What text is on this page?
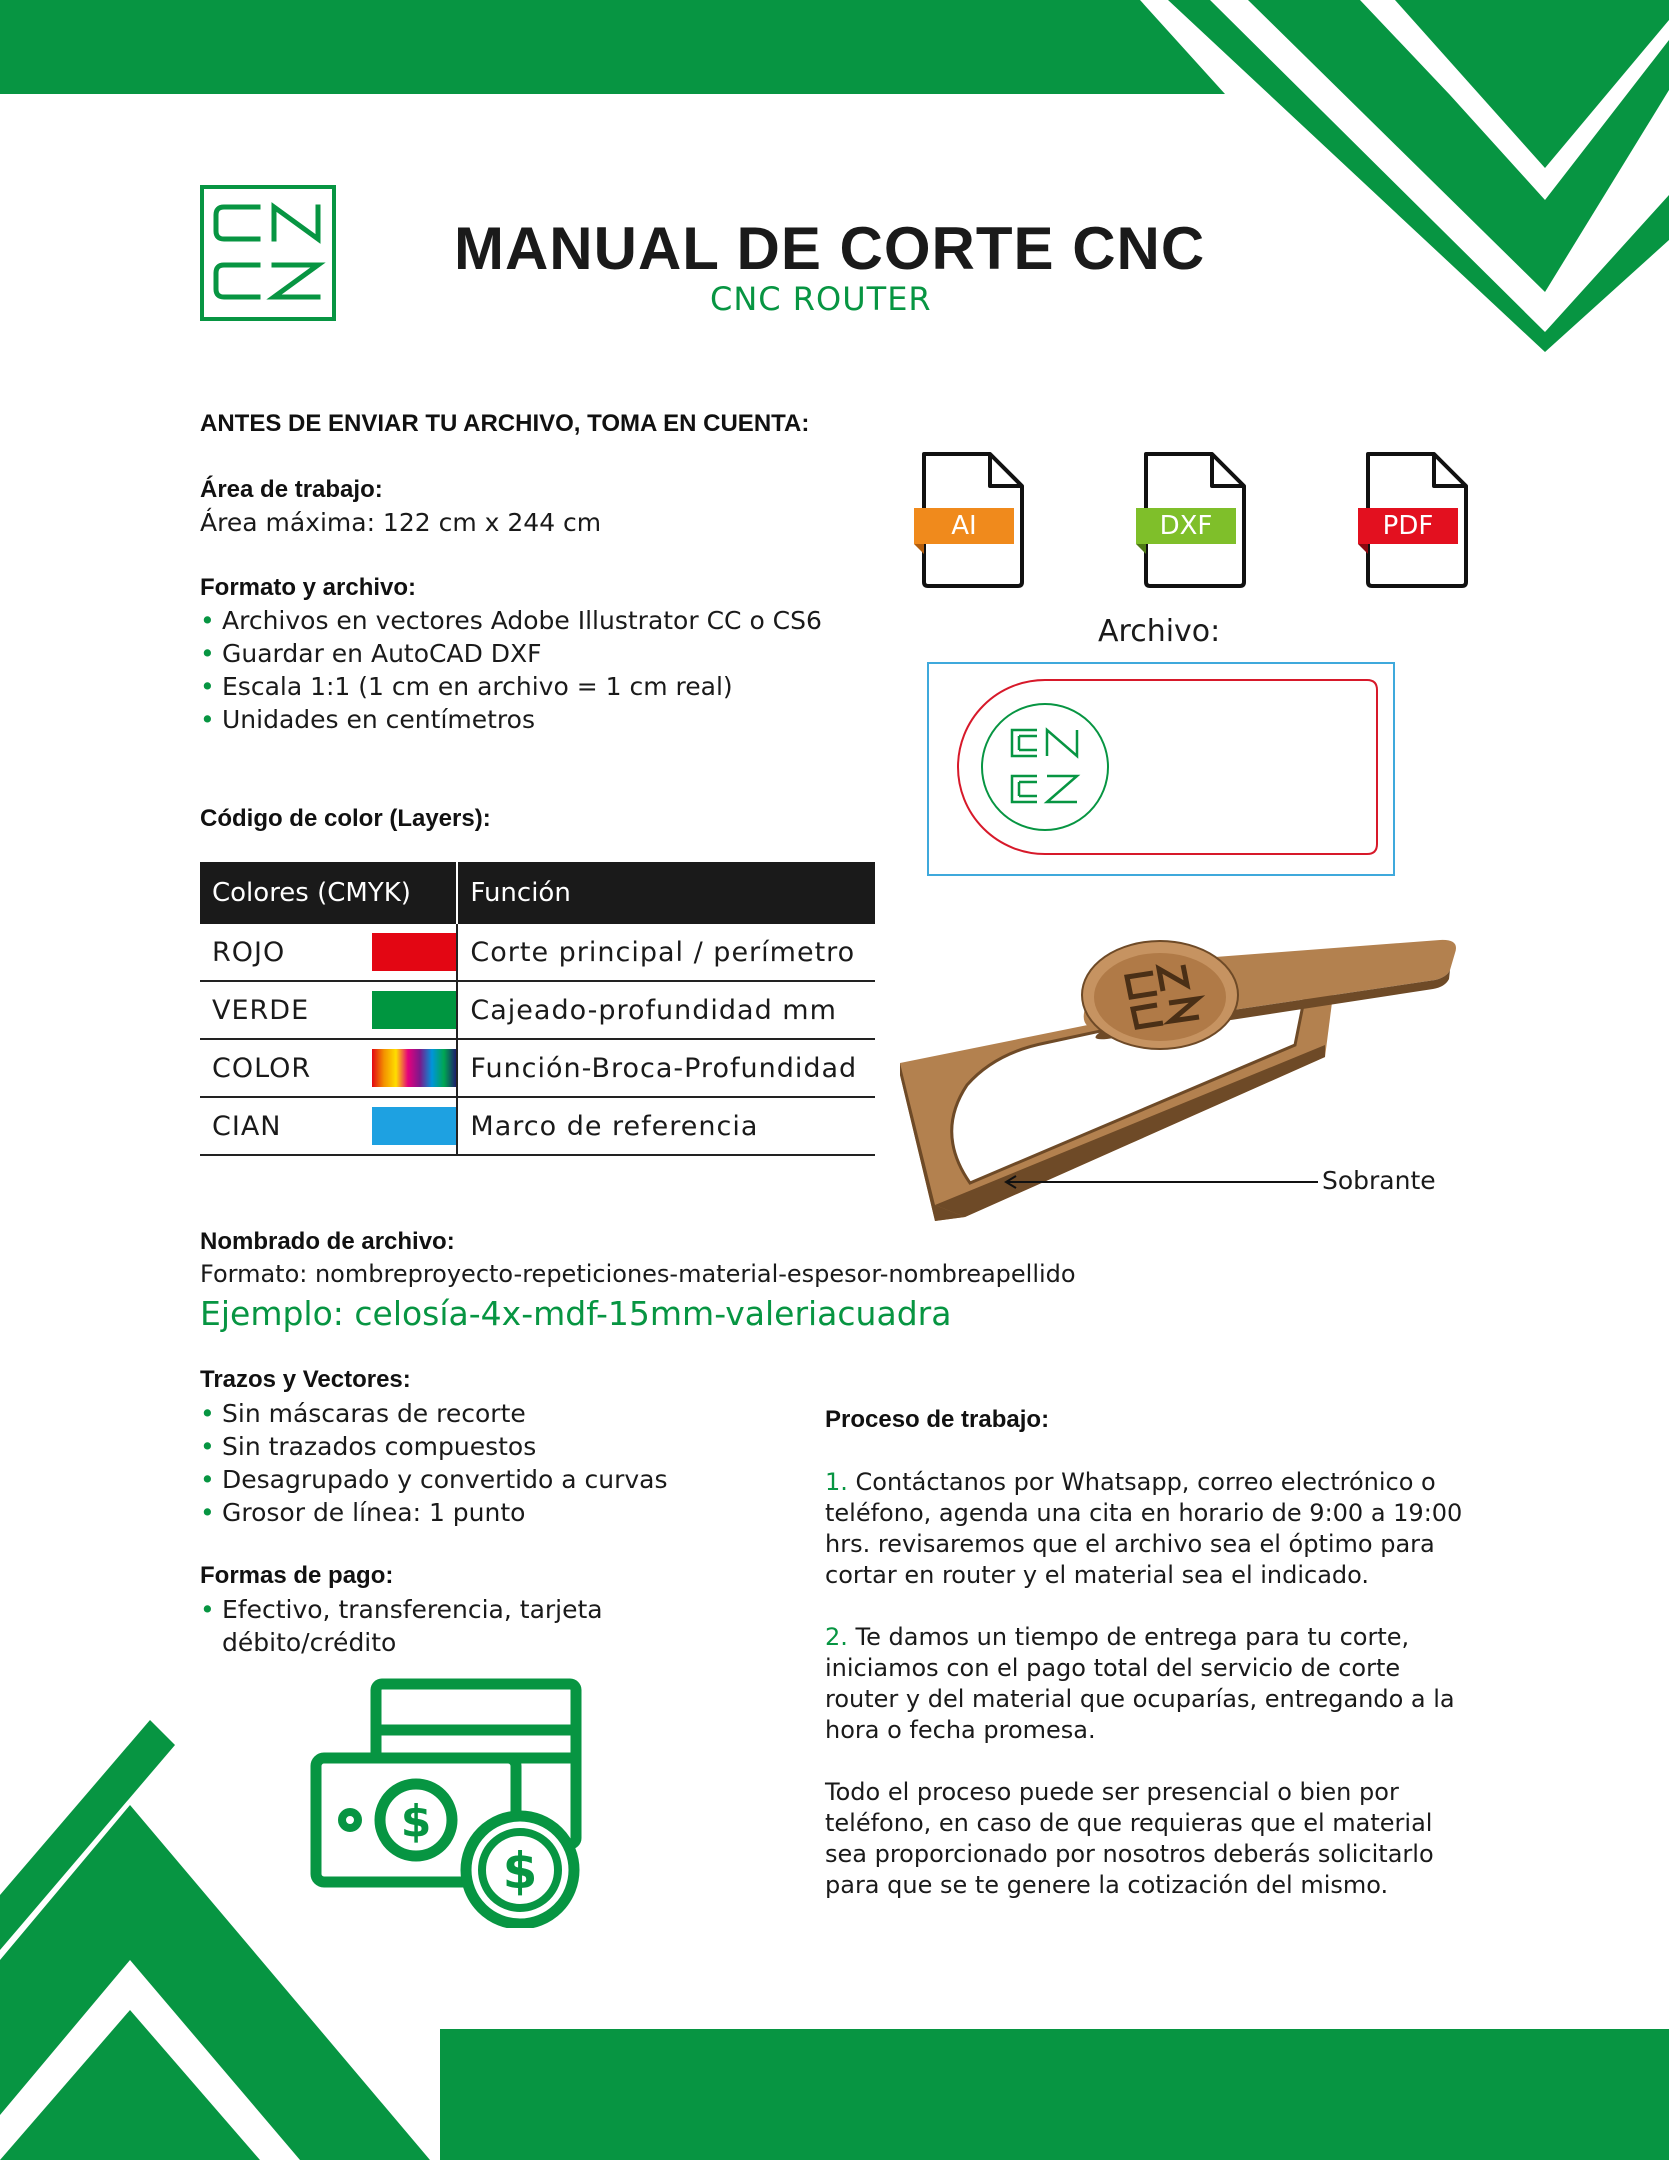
MANUAL DE CORTE CNC
CNC ROUTER
ANTES DE ENVIAR TU ARCHIVO, TOMA EN CUENTA:
Área de trabajo:
Área máxima: 122 cm x 244 cm
Formato y archivo:
• Archivos en vectores Adobe Illustrator CC o CS6
• Guardar en AutoCAD DXF
• Escala 1:1 (1 cm en archivo = 1 cm real)
• Unidades en centímetros
AI	DXF	PDF
Archivo:
Código de color (Layers):
Colores (CMYK)		Función
ROJO		Corte principal / perímetro
VERDE		Cajeado-profundidad mm
COLOR		Función-Broca-Profundidad
CIAN		Marco de referencia
Sobrante
Nombrado de archivo:
Formato: nombreproyecto-repeticiones-material-espesor-nombreapellido
Ejemplo: celosía-4x-mdf-15mm-valeriacuadra
Trazos y Vectores:
• Sin máscaras de recorte
• Sin trazados compuestos
• Desagrupado y convertido a curvas
• Grosor de línea: 1 punto
Formas de pago:
• Efectivo, transferencia, tarjeta débito/crédito
$
$
Proceso de trabajo:

1. Contáctanos por Whatsapp, correo electrónico o teléfono, agenda una cita en horario de 9:00 a 19:00 hrs. revisaremos que el archivo sea el óptimo para cortar en router y el material sea el indicado.

2. Te damos un tiempo de entrega para tu corte, iniciamos con el pago total del servicio de corte router y del material que ocuparías, entregando a la hora o fecha promesa.

Todo el proceso puede ser presencial o bien por teléfono, en caso de que requieras que el material sea proporcionado por nosotros deberás solicitarlo para que se te genere la cotización del mismo.
